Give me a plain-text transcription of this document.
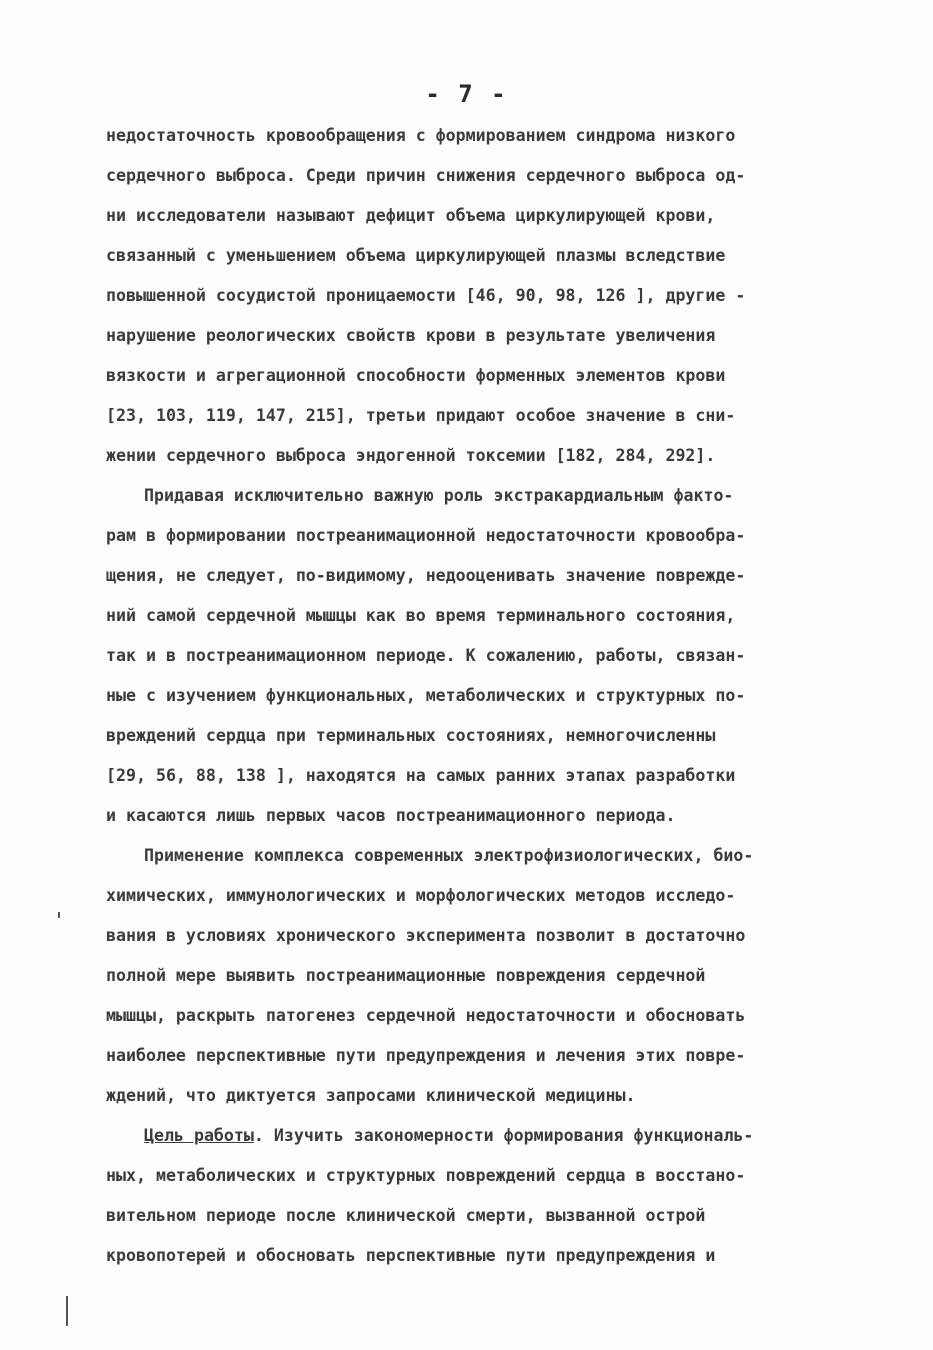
- 7 -
недостаточность кровообращения с формированием синдрома низкого
сердечного выброса. Среди причин снижения сердечного выброса од-
ни исследователи называют дефицит объема циркулирующей крови,
связанный с уменьшением объема циркулирующей плазмы вследствие
повышенной сосудистой проницаемости [46, 90, 98, 126 ], другие -
нарушение реологических свойств крови в результате увеличения
вязкости и агрегационной способности форменных элементов крови
[23, 103, 119, 147, 215], третьи придают особое значение в сни-
жении сердечного выброса эндогенной токсемии [182, 284, 292].
Придавая исключительно важную роль экстракардиальным факто-
рам в формировании постреанимационной недостаточности кровообра-
щения, не следует, по-видимому, недооценивать значение поврежде-
ний самой сердечной мышцы как во время терминального состояния,
так и в постреанимационном периоде. К сожалению, работы, связан-
ные с изучением функциональных, метаболических и структурных по-
вреждений сердца при терминальных состояниях, немногочисленны
[29, 56, 88, 138 ], находятся на самых ранних этапах разработки
и касаются лишь первых часов постреанимационного периода.
Применение комплекса современных электрофизиологических, био-
химических, иммунологических и морфологических методов исследо-
вания в условиях хронического эксперимента позволит в достаточно
полной мере выявить постреанимационные повреждения сердечной
мышцы, раскрыть патогенез сердечной недостаточности и обосновать
наиболее перспективные пути предупреждения и лечения этих повре-
ждений, что диктуется запросами клинической медицины.
Цель работы. Изучить закономерности формирования функциональ-
ных, метаболических и структурных повреждений сердца в восстано-
вительном периоде после клинической смерти, вызванной острой
кровопотерей и обосновать перспективные пути предупреждения и
